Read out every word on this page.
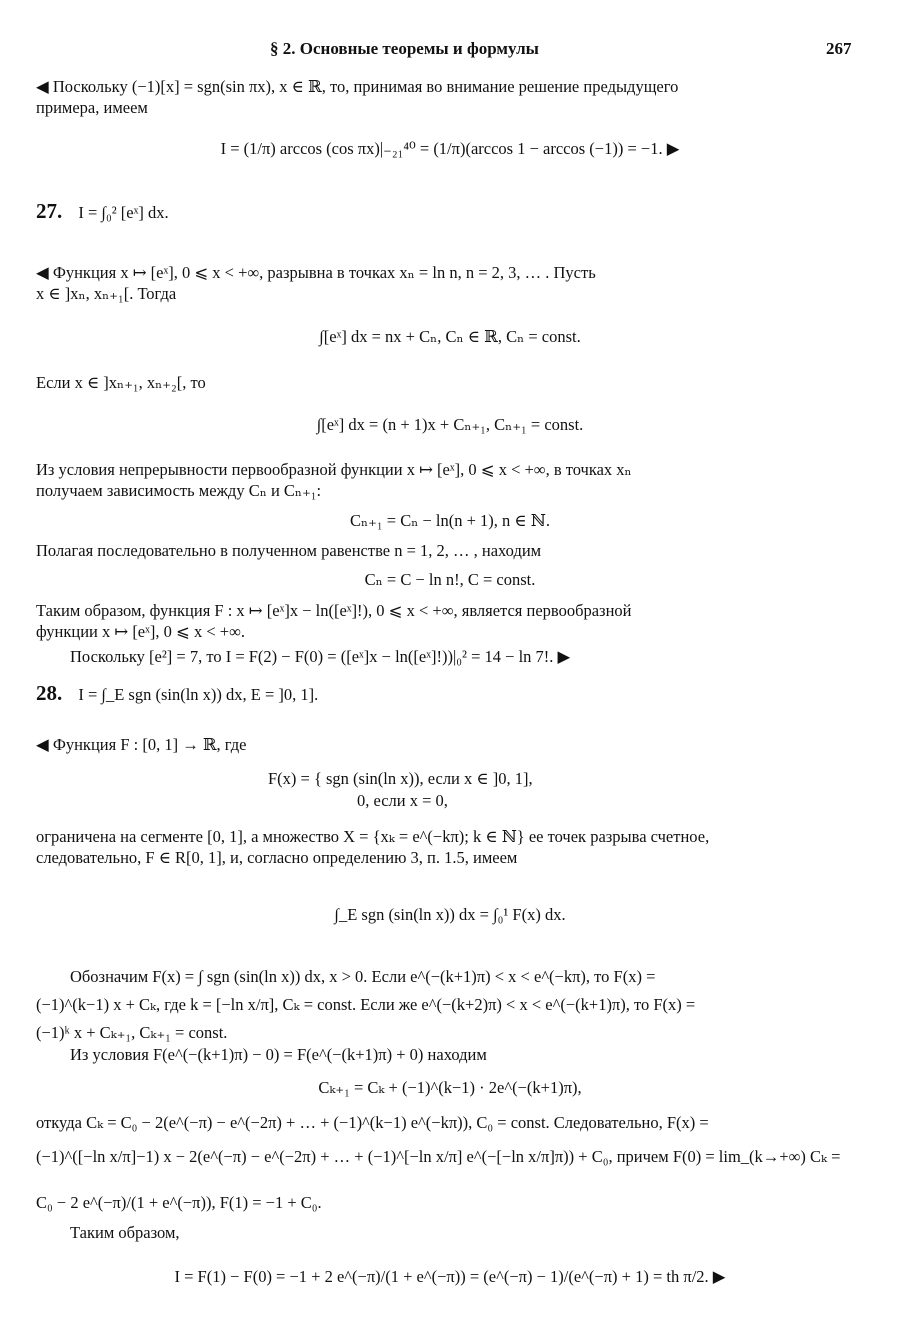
§ 2. Основные теоремы и формулы	267
◀ Поскольку (−1)[x] = sgn(sin πx), x ∈ ℝ, то, принимая во внимание решение предыдущего
примера, имеем
I = (1/π) arccos (cos πx)|₋₂₁⁴⁰ = (1/π)(arccos 1 − arccos (−1)) = −1. ▶
27. I = ∫₀² [eˣ] dx.
◀ Функция x ↦ [eˣ], 0 ⩽ x < +∞, разрывна в точках xₙ = ln n, n = 2, 3, … . Пусть
x ∈ ]xₙ, xₙ₊₁[. Тогда
∫[eˣ] dx = nx + Cₙ, Cₙ ∈ ℝ, Cₙ = const.
Если x ∈ ]xₙ₊₁, xₙ₊₂[, то
∫[eˣ] dx = (n + 1)x + Cₙ₊₁, Cₙ₊₁ = const.
Из условия непрерывности первообразной функции x ↦ [eˣ], 0 ⩽ x < +∞, в точках xₙ
получаем зависимость между Cₙ и Cₙ₊₁:
Cₙ₊₁ = Cₙ − ln(n + 1), n ∈ ℕ.
Полагая последовательно в полученном равенстве n = 1, 2, … , находим
Cₙ = C − ln n!, C = const.
Таким образом, функция F : x ↦ [eˣ]x − ln([eˣ]!), 0 ⩽ x < +∞, является первообразной
функции x ↦ [eˣ], 0 ⩽ x < +∞.
Поскольку [e²] = 7, то I = F(2) − F(0) = ([eˣ]x − ln([eˣ]!))|₀² = 14 − ln 7!. ▶
28. I = ∫_E sgn (sin(ln x)) dx, E = ]0, 1].
◀ Функция F : [0, 1] → ℝ, где
F(x) = { sgn (sin(ln x)), если x ∈ ]0, 1],
0, если x = 0,
ограничена на сегменте [0, 1], а множество X = {xₖ = e^(−kπ); k ∈ ℕ} ее точек разрыва счетное,
следовательно, F ∈ R[0, 1], и, согласно определению 3, п. 1.5, имеем
∫_E sgn (sin(ln x)) dx = ∫₀¹ F(x) dx.
Обозначим F(x) = ∫ sgn (sin(ln x)) dx, x > 0. Если e^(−(k+1)π) < x < e^(−kπ), то F(x) =
(−1)^(k−1) x + Cₖ, где k = [−ln x/π], Cₖ = const. Если же e^(−(k+2)π) < x < e^(−(k+1)π), то F(x) =
(−1)ᵏ x + Cₖ₊₁, Cₖ₊₁ = const.
Из условия F(e^(−(k+1)π) − 0) = F(e^(−(k+1)π) + 0) находим
Cₖ₊₁ = Cₖ + (−1)^(k−1) · 2e^(−(k+1)π),
откуда Cₖ = C₀ − 2(e^(−π) − e^(−2π) + … + (−1)^(k−1) e^(−kπ)), C₀ = const. Следовательно, F(x) =
(−1)^([−ln x/π]−1) x − 2(e^(−π) − e^(−2π) + … + (−1)^[−ln x/π] e^(−[−ln x/π]π)) + C₀, причем F(0) = lim_(k→+∞) Cₖ =
C₀ − 2 e^(−π)/(1 + e^(−π)), F(1) = −1 + C₀.
Таким образом,
I = F(1) − F(0) = −1 + 2 e^(−π)/(1 + e^(−π)) = (e^(−π) − 1)/(e^(−π) + 1) = th π/2. ▶
